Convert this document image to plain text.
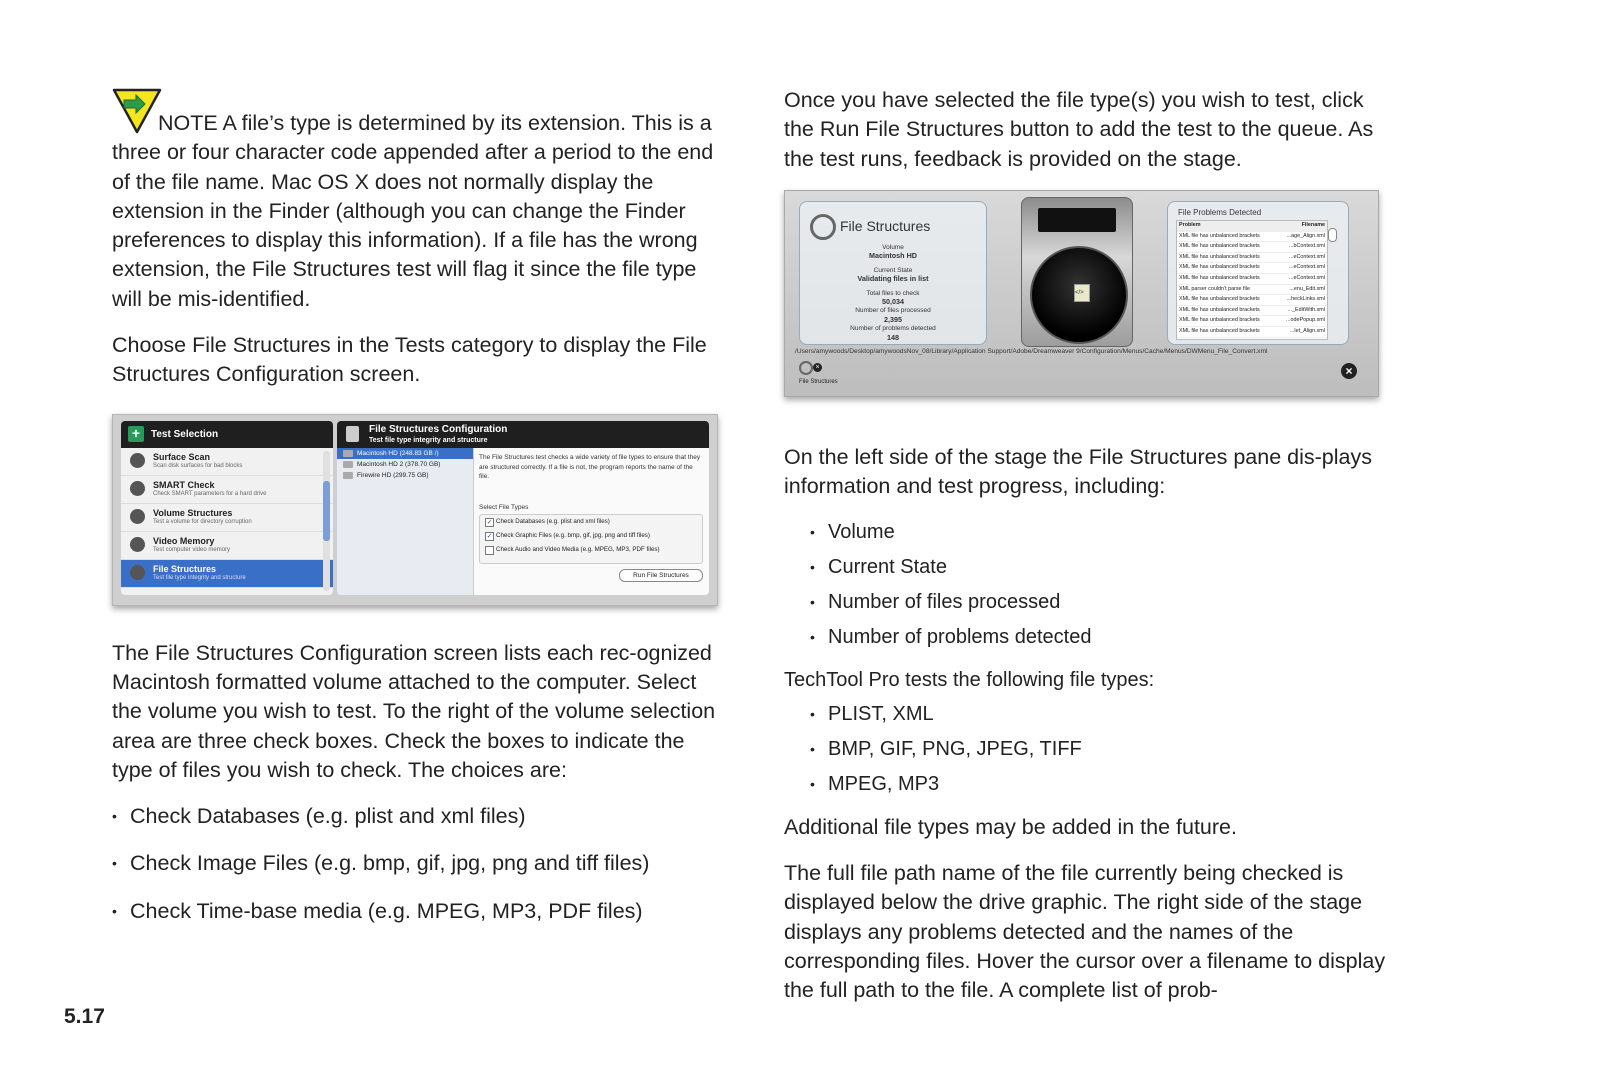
NOTE A file’s type is determined by its extension. This is a three or four character code appended after a period to the end of the file name. Mac OS X does not normally display the extension in the Finder (although you can change the Finder preferences to display this information). If a file has the wrong extension, the File Structures test will flag it since the file type will be mis-identified.

Choose File Structures in the Tests category to display the File Structures Configuration screen.

The File Structures Configuration screen lists each rec-ognized Macintosh formatted volume attached to the computer. Select the volume you wish to test. To the right of the volume selection area are three check boxes. Check the boxes to indicate the type of files you wish to check. The choices are:

• Check Databases (e.g. plist and xml files)
• Check Image Files (e.g. bmp, gif, jpg, png and tiff files)
• Check Time-base media (e.g. MPEG, MP3, PDF files)
+	Test Selection
Surface Scan
Scan disk surfaces for bad blocks
SMART Check
Check SMART parameters for a hard drive
Volume Structures
Test a volume for directory corruption
Video Memory
Test computer video memory
File Structures
Test file type integrity and structure
File Structures Configuration
Test file type integrity and structure
Macintosh HD (248.83 GB /)
Macintosh HD 2 (378.70 GB)
Firewire HD (299.75 GB)
The File Structures test checks a wide variety of file types to ensure that they are structured correctly. If a file is not, the program reports the name of the file.
Select File Types
✓ Check Databases (e.g. plist and xml files)
✓ Check Graphic Files (e.g. bmp, gif, jpg, png and tiff files)
Check Audio and Video Media (e.g. MPEG, MP3, PDF files)
Run File Structures

Once you have selected the file type(s) you wish to test, click the Run File Structures button to add the test to the queue. As the test runs, feedback is provided on the stage.

On the left side of the stage the File Structures pane dis-plays information and test progress, including:

• Volume
• Current State
• Number of files processed
• Number of problems detected

TechTool Pro tests the following file types:

• PLIST, XML
• BMP, GIF, PNG, JPEG, TIFF
• MPEG, MP3

Additional file types may be added in the future.

The full file path name of the file currently being checked is displayed below the drive graphic. The right side of the stage displays any problems detected and the names of the corresponding files. Hover the cursor over a filename to display the full path to the file. A complete list of prob-

File Structures
Volume
Macintosh HD
Current State
Validating files in list
Total files to check
50,034
Number of files processed
2,395
Number of problems detected
148
</>
File Problems Detected
Problem	Filename
XML file has unbalanced brackets	...age_Align.xml
XML file has unbalanced brackets	...bContext.xml
XML file has unbalanced brackets	...eContext.xml
XML file has unbalanced brackets	...eContext.xml
XML file has unbalanced brackets	...eContext.xml
XML parser couldn't parse file	...enu_Edit.xml
XML file has unbalanced brackets	...heckLinks.xml
XML file has unbalanced brackets	..._EditWith.xml
XML file has unbalanced brackets	...odePopup.xml
XML file has unbalanced brackets	...let_Align.xml
/Users/amywoods/Desktop/amywoodsNov_08/Library/Application Support/Adobe/Dreamweaver 9/Configuration/Menus/Cache/Menus/DWMenu_File_Convert.xml
×
File Structures
×
5.17
